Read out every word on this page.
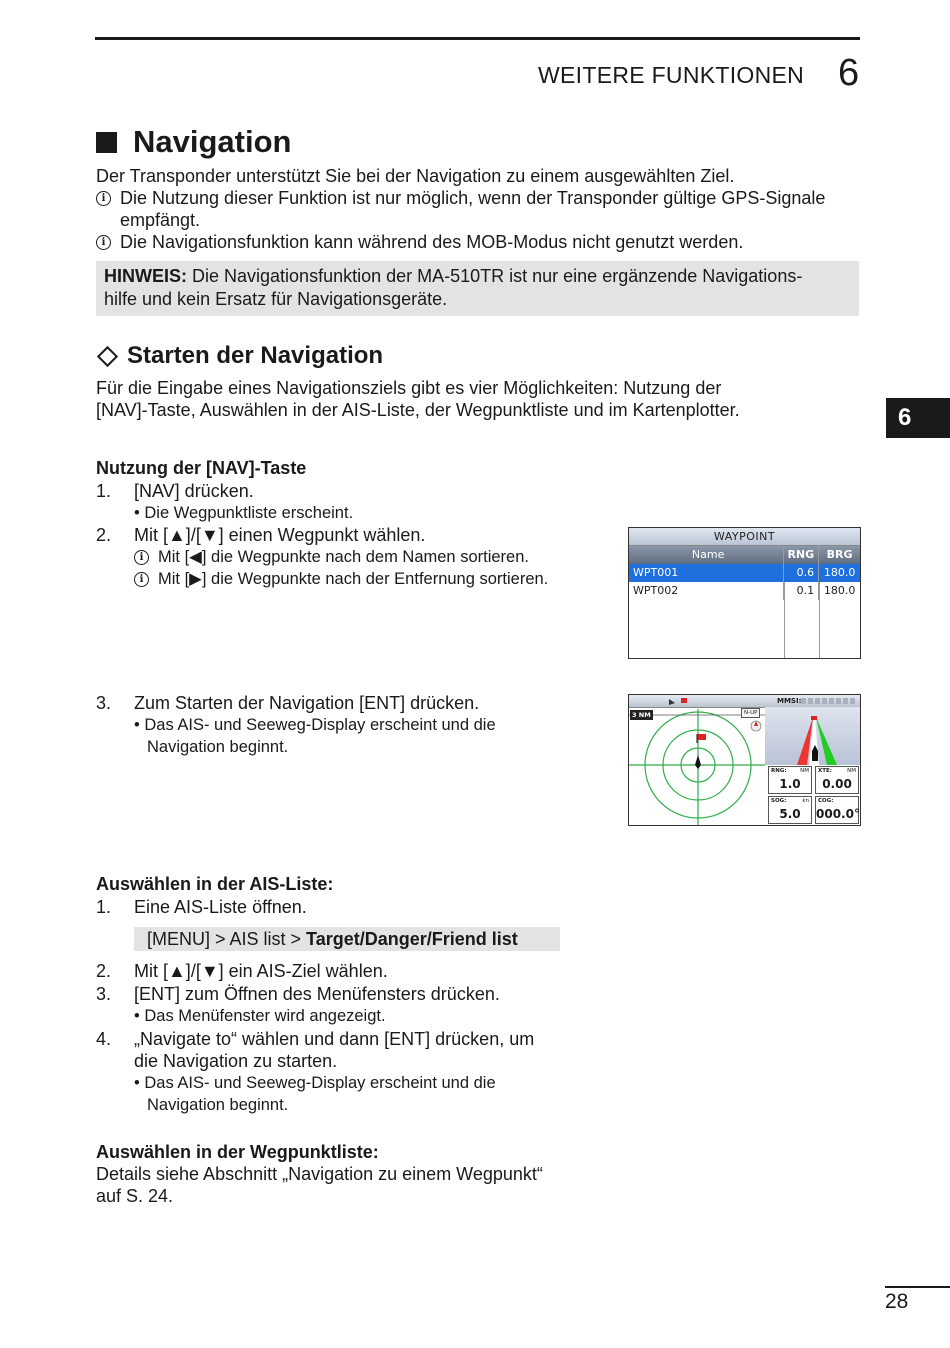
WEITERE FUNKTIONEN 6
Navigation
Der Transponder unterstützt Sie bei der Navigation zu einem ausgewählten Ziel.
i Die Nutzung dieser Funktion ist nur möglich, wenn der Transponder gültige GPS-Signale
empfängt.
i Die Navigationsfunktion kann während des MOB-Modus nicht genutzt werden.
HINWEIS: Die Navigationsfunktion der MA-510TR ist nur eine ergänzende Navigations-
hilfe und kein Ersatz für Navigationsgeräte.
Starten der Navigation
Für die Eingabe eines Navigationsziels gibt es vier Möglichkeiten: Nutzung der
[NAV]-Taste, Auswählen in der AIS-Liste, der Wegpunktliste und im Kartenplotter.	6
Nutzung der [NAV]-Taste
1.	[NAV] drücken.
• Die Wegpunktliste erscheint.
2.	Mit [▲]/[▼] einen Wegpunkt wählen.
i Mit [◀] die Wegpunkte nach dem Namen sortieren.
i Mit [▶] die Wegpunkte nach der Entfernung sortieren.
WAYPOINT
Name	RNG	BRG
WPT001	0.6 180.0
WPT002	0.1 180.0
3.	Zum Starten der Navigation [ENT] drücken.
• Das AIS- und Seeweg-Display erscheint und die
Navigation beginnt.
MMSI:
3 NM	N-UP
RNG: NM
1.0
XTE:	NM
0.00
SOG:	kn
5.0
COG:
000.0°
Auswählen in der AIS-Liste:
1.	Eine AIS-Liste öffnen.
[MENU] > AIS list > Target/Danger/Friend list
2.	Mit [▲]/[▼] ein AIS-Ziel wählen.
3.	[ENT] zum Öffnen des Menüfensters drücken.
• Das Menüfenster wird angezeigt.
4.	„Navigate to“ wählen und dann [ENT] drücken, um
die Navigation zu starten.
• Das AIS- und Seeweg-Display erscheint und die
Navigation beginnt.
Auswählen in der Wegpunktliste:
Details siehe Abschnitt „Navigation zu einem Wegpunkt“
auf S. 24.
28
